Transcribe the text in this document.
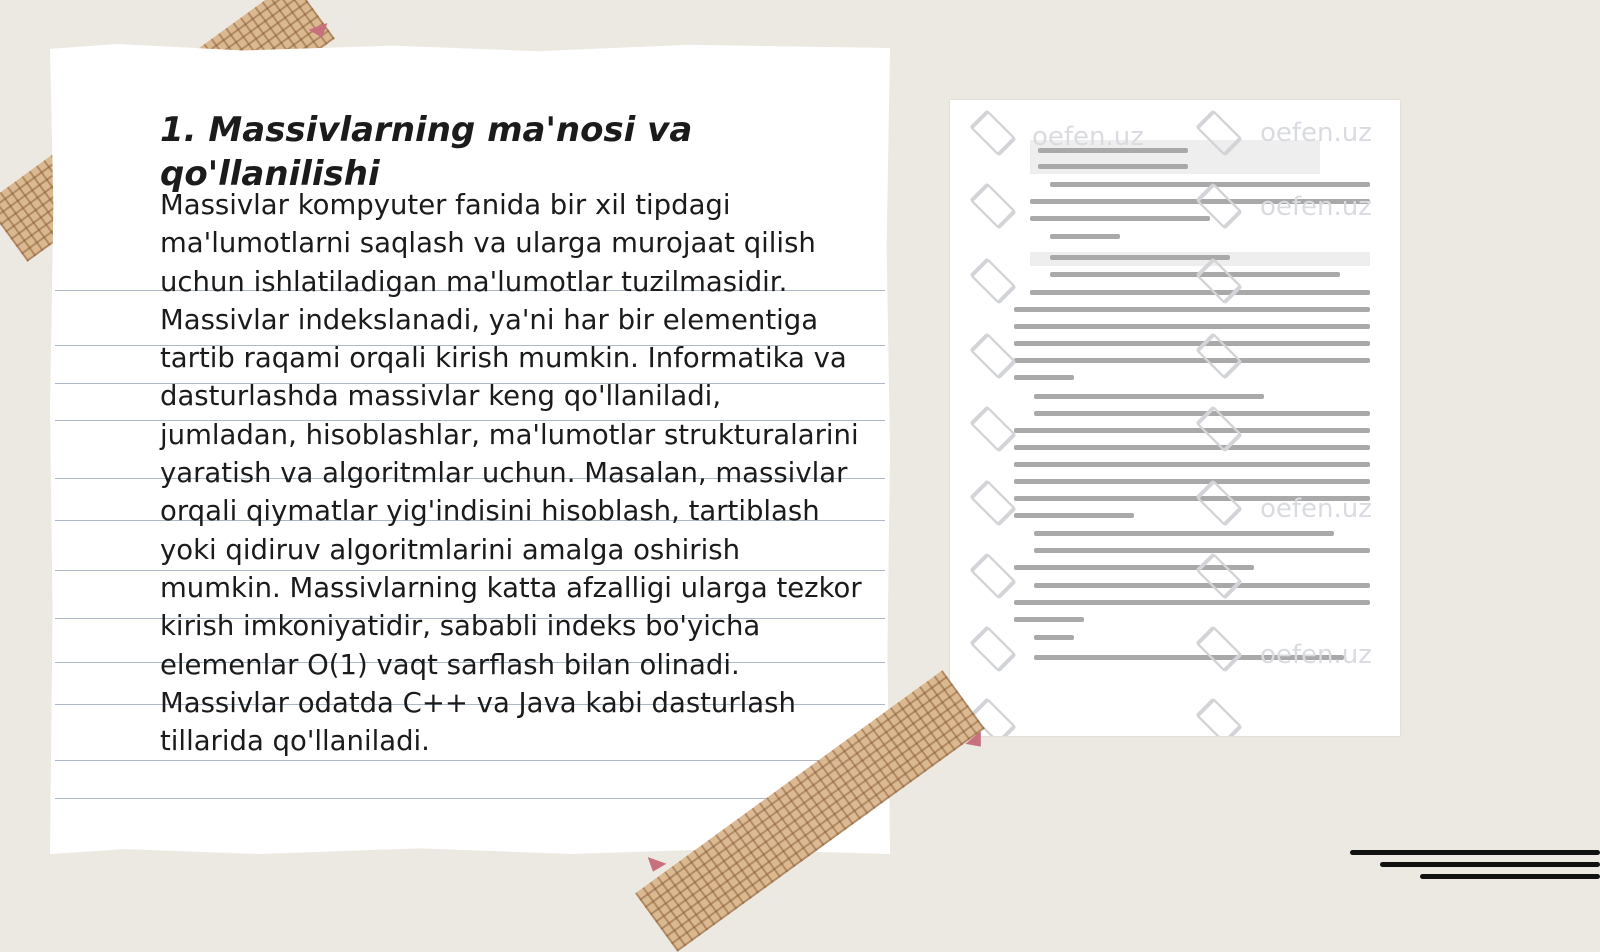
1. Massivlarning ma'nosi va qo'llanilishi

Massivlar kompyuter fanida bir xil tipdagi ma'lumotlarni saqlash va ularga murojaat qilish uchun ishlatiladigan ma'lumotlar tuzilmasidir. Massivlar indekslanadi, ya'ni har bir elementiga tartib raqami orqali kirish mumkin. Informatika va dasturlashda massivlar keng qo'llaniladi, jumladan, hisoblashlar, ma'lumotlar strukturalarini yaratish va algoritmlar uchun. Masalan, massivlar orqali qiymatlar yig'indisini hisoblash, tartiblash yoki qidiruv algoritmlarini amalga oshirish mumkin. Massivlarning katta afzalligi ularga tezkor kirish imkoniyatidir, sababli indeks bo'yicha elemenlar O(1) vaqt sarflash bilan olinadi. Massivlar odatda C++ va Java kabi dasturlash tillarida qo'llaniladi.

oefen.uz	oefen.uz
oefen.uz
oefen.uz
oefen.uz
